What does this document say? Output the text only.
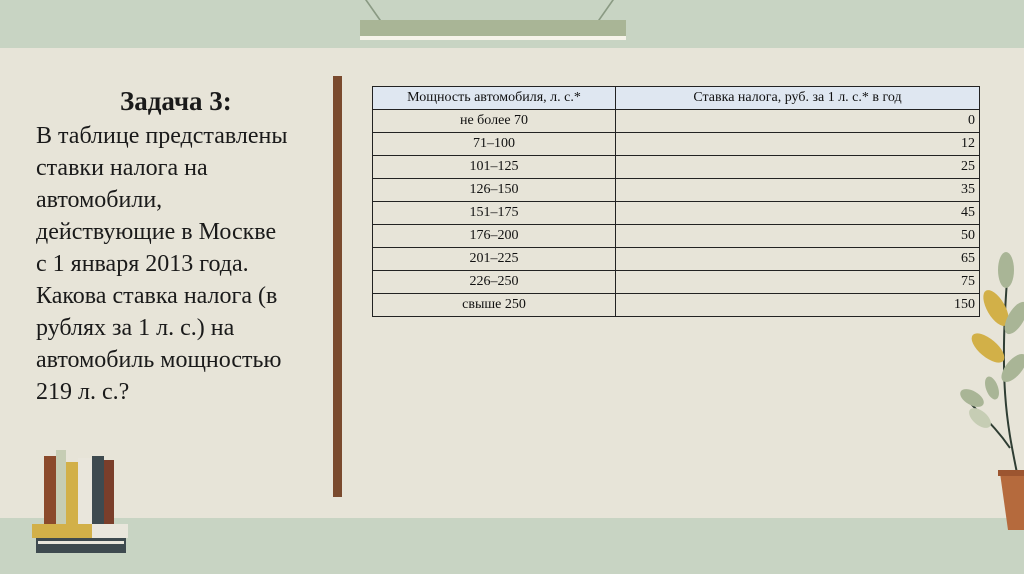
Задача 3:
В таблице представлены
ставки налога на
автомобили,
действующие в Москве
с 1 января 2013 года.
Какова ставка налога (в
рублях за 1 л. с.) на
автомобиль мощностью
219 л. с.?
Мощность автомобиля, л. с.*	Ставка налога, руб. за 1 л. с.* в год
не более 70	0
71–100	12
101–125	25
126–150	35
151–175	45
176–200	50
201–225	65
226–250	75
свыше 250	150
